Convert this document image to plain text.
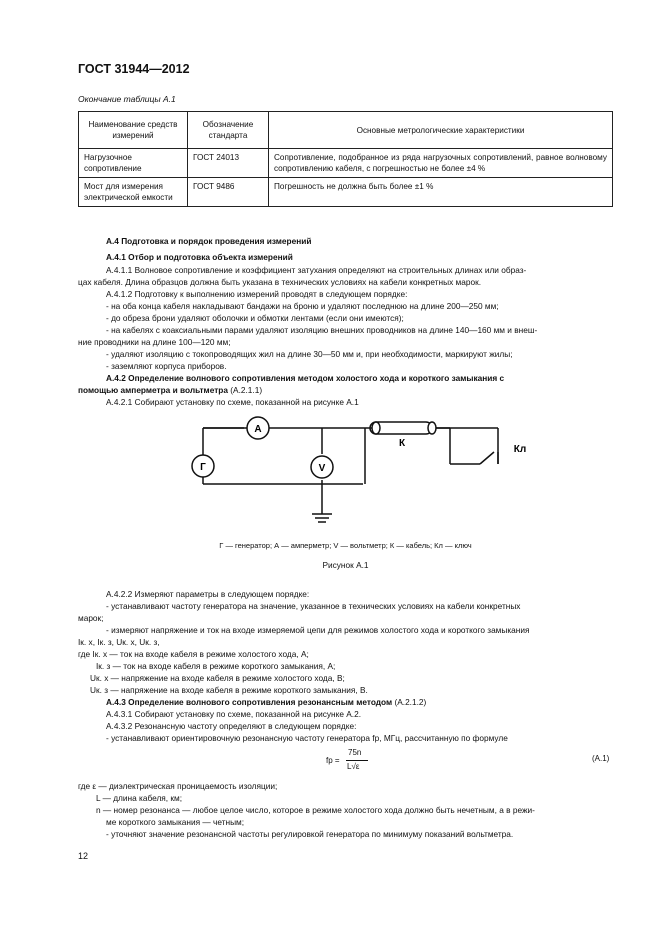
ГОСТ 31944—2012
Окончание таблицы А.1
Наименование средств измерений	Обозначение стандарта	Основные метрологические характеристики
Нагрузочное сопротивление	ГОСТ 24013	Сопротивление, подобранное из ряда нагрузочных сопротивлений, равное волновому сопротивлению кабеля, с погрешностью не более ±4 %
Мост для измерения электрической емкости	ГОСТ 9486	Погрешность не должна быть более ±1 %
А.4 Подготовка и порядок проведения измерений
А.4.1 Отбор и подготовка объекта измерений
А.4.1.1 Волновое сопротивление и коэффициент затухания определяют на строительных длинах или образ-
цах кабеля. Длина образцов должна быть указана в технических условиях на кабели конкретных марок.
А.4.1.2 Подготовку к выполнению измерений проводят в следующем порядке:
- на оба конца кабеля накладывают бандажи на броню и удаляют последнюю на длине 200—250 мм;
- до обреза брони удаляют оболочки и обмотки лентами (если они имеются);
- на кабелях с коаксиальными парами удаляют изоляцию внешних проводников на длине 140—160 мм и внеш-
ние проводники на длине 100—120 мм;
- удаляют изоляцию с токопроводящих жил на длине 30—50 мм и, при необходимости, маркируют жилы;
- заземляют корпуса приборов.
А.4.2 Определение волнового сопротивления методом холостого хода и короткого замыкания с
помощью амперметра и вольтметра (А.2.1.1)
А.4.2.1 Собирают установку по схеме, показанной на рисунке А.1
Г
A
V
К
Кл
Г — генератор; А — амперметр; V — вольтметр; К — кабель; Кл — ключ
Рисунок А.1
А.4.2.2 Измеряют параметры в следующем порядке:
- устанавливают частоту генератора на значение, указанное в технических условиях на кабели конкретных
марок;
- измеряют напряжение и ток на входе измеряемой цепи для режимов холостого хода и короткого замыкания
Iк. х, Iк. з, Uк. х, Uк. з,
где Iк. х — ток на входе кабеля в режиме холостого хода, А;
Iк. з — ток на входе кабеля в режиме короткого замыкания, А;
Uк. х — напряжение на входе кабеля в режиме холостого хода, В;
Uк. з — напряжение на входе кабеля в режиме короткого замыкания, В.
А.4.3 Определение волнового сопротивления резонансным методом (А.2.1.2)
А.4.3.1 Собирают установку по схеме, показанной на рисунке А.2.
А.4.3.2 Резонансную частоту определяют в следующем порядке:
- устанавливают ориентировочную резонансную частоту генератора fр, МГц, рассчитанную по формуле
fр =
75n
L√ε
(А.1)
где ε — диэлектрическая проницаемость изоляции;
L — длина кабеля, км;
n — номер резонанса — любое целое число, которое в режиме холостого хода должно быть нечетным, а в режи-
ме короткого замыкания — четным;
- уточняют значение резонансной частоты регулировкой генератора по минимуму показаний вольтметра.
12
